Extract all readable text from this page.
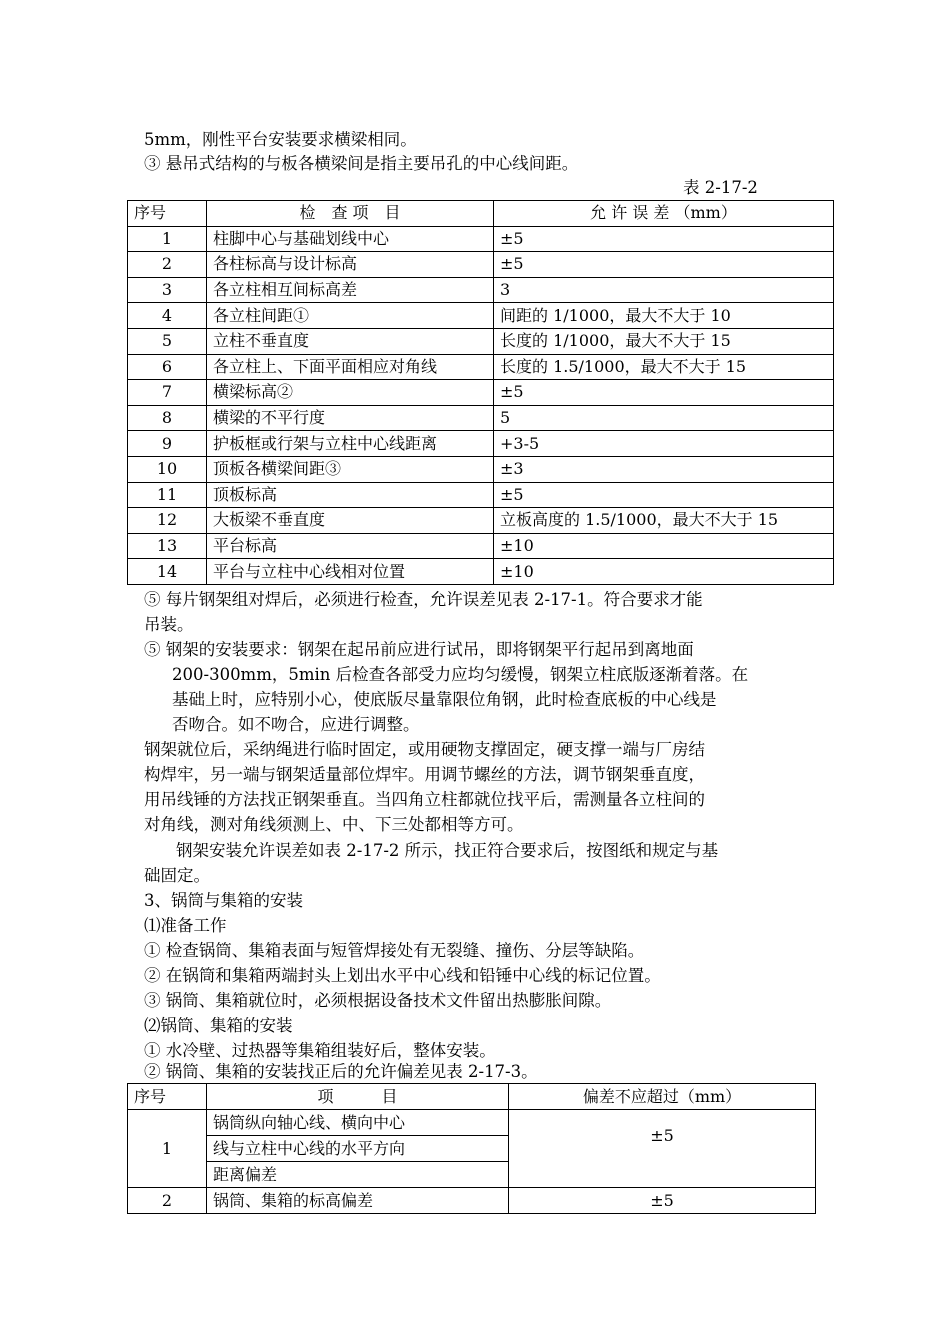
5mm，刚性平台安装要求横梁相同。
③ 悬吊式结构的与板各横梁间是指主要吊孔的中心线间距。
表 2-17-2
序号	检　查 项　目	允 许 误 差 （mm）
1	柱脚中心与基础划线中心	±5
2	各柱标高与设计标高	±5
3	各立柱相互间标高差	3
4	各立柱间距①	间距的 1/1000，最大不大于 10
5	立柱不垂直度	长度的 1/1000，最大不大于 15
6	各立柱上、下面平面相应对角线	长度的 1.5/1000，最大不大于 15
7	横梁标高②	±5
8	横梁的不平行度	5
9	护板框或行架与立柱中心线距离	+3-5
10	顶板各横梁间距③	±3
11	顶板标高	±5
12	大板梁不垂直度	立板高度的 1.5/1000，最大不大于 15
13	平台标高	±10
14	平台与立柱中心线相对位置	±10
⑤ 每片钢架组对焊后，必须进行检查，允许误差见表 2-17-1。符合要求才能
吊装。
⑤ 钢架的安装要求：钢架在起吊前应进行试吊，即将钢架平行起吊到离地面
200-300mm，5min 后检查各部受力应均匀缓慢，钢架立柱底版逐渐着落。在
基础上时，应特别小心，使底版尽量靠限位角钢，此时检查底板的中心线是
否吻合。如不吻合，应进行调整。
钢架就位后，采纳绳进行临时固定，或用硬物支撑固定，硬支撑一端与厂房结
构焊牢，另一端与钢架适量部位焊牢。用调节螺丝的方法，调节钢架垂直度，
用吊线锤的方法找正钢架垂直。当四角立柱都就位找平后，需测量各立柱间的
对角线，测对角线须测上、中、下三处都相等方可。
钢架安装允许误差如表 2-17-2 所示，找正符合要求后，按图纸和规定与基
础固定。
3、锅筒与集箱的安装
⑴准备工作
① 检查锅筒、集箱表面与短管焊接处有无裂缝、撞伤、分层等缺陷。
② 在锅筒和集箱两端封头上划出水平中心线和铅锤中心线的标记位置。
③ 锅筒、集箱就位时，必须根据设备技术文件留出热膨胀间隙。
⑵锅筒、集箱的安装
① 水冷壁、过热器等集箱组装好后，整体安装。
② 锅筒、集箱的安装找正后的允许偏差见表 2-17-3。
序号	项　　　目	偏差不应超过（mm）
1	锅筒纵向轴心线、横向中心	±5
	线与立柱中心线的水平方向	
	距离偏差	
2	锅筒、集箱的标高偏差	±5
